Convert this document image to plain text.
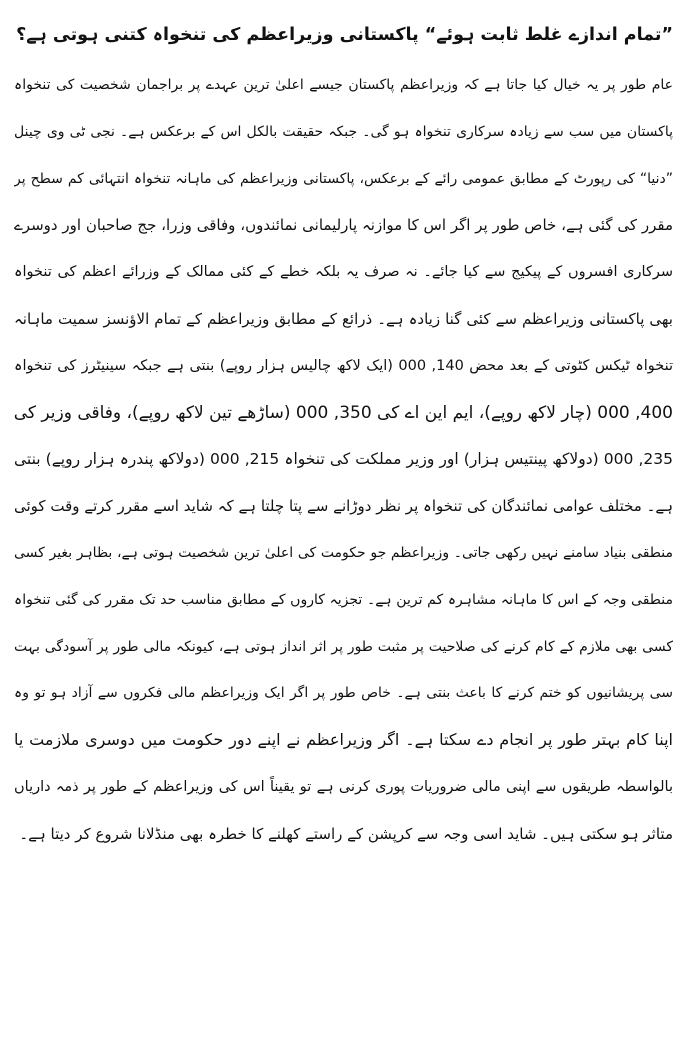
”تمام اندازے غلط ثابت ہوئے“ پاکستانی وزیراعظم کی تنخواہ کتنی ہوتی ہے؟
عام طور پر یہ خیال کیا جاتا ہے کہ وزیراعظم پاکستان جیسے اعلیٰ ترین عہدے پر براجمان شخصیت کی تنخواہ
پاکستان میں سب سے زیادہ سرکاری تنخواہ ہو گی۔ جبکہ حقیقت بالکل اس کے برعکس ہے۔ نجی ٹی وی چینل
”دنیا“ کی رپورٹ کے مطابق عمومی رائے کے برعکس، پاکستانی وزیراعظم کی ماہانہ تنخواہ انتہائی کم سطح پر
مقرر کی گئی ہے، خاص طور پر اگر اس کا موازنہ پارلیمانی نمائندوں، وفاقی وزرا، جج صاحبان اور دوسرے
سرکاری افسروں کے پیکیج سے کیا جائے۔ نہ صرف یہ بلکہ خطے کے کئی ممالک کے وزرائے اعظم کی تنخواہ
بھی پاکستانی وزیراعظم سے کئی گنا زیادہ ہے۔ ذرائع کے مطابق وزیراعظم کے تمام الاؤنسز سمیت ماہانہ
تنخواہ ٹیکس کٹوتی کے بعد محض 140, 000 (ایک لاکھ چالیس ہزار روپے) بنتی ہے جبکہ سینیٹرز کی تنخواہ
400, 000 (چار لاکھ روپے)، ایم این اے کی 350, 000 (ساڑھے تین لاکھ روپے)، وفاقی وزیر کی
235, 000 (دولاکھ پینتیس ہزار) اور وزیر مملکت کی تنخواہ 215, 000 (دولاکھ پندرہ ہزار روپے) بنتی
ہے۔ مختلف عوامی نمائندگان کی تنخواہ پر نظر دوڑانے سے پتا چلتا ہے کہ شاید اسے مقرر کرتے وقت کوئی
منطقی بنیاد سامنے نہیں رکھی جاتی۔ وزیراعظم جو حکومت کی اعلیٰ ترین شخصیت ہوتی ہے، بظاہر بغیر کسی
منطقی وجہ کے اس کا ماہانہ مشاہرہ کم ترین ہے۔ تجزیہ کاروں کے مطابق مناسب حد تک مقرر کی گئی تنخواہ
کسی بھی ملازم کے کام کرنے کی صلاحیت پر مثبت طور پر اثر انداز ہوتی ہے، کیونکہ مالی طور پر آسودگی بہت
سی پریشانیوں کو ختم کرنے کا باعث بنتی ہے۔ خاص طور پر اگر ایک وزیراعظم مالی فکروں سے آزاد ہو تو وہ
اپنا کام بہتر طور پر انجام دے سکتا ہے۔ اگر وزیراعظم نے اپنے دور حکومت میں دوسری ملازمت یا
بالواسطہ طریقوں سے اپنی مالی ضروریات پوری کرنی ہے تو یقیناً اس کی وزیراعظم کے طور پر ذمہ داریاں
متاثر ہو سکتی ہیں۔ شاید اسی وجہ سے کرپشن کے راستے کھلنے کا خطرہ بھی منڈلانا شروع کر دیتا ہے۔
